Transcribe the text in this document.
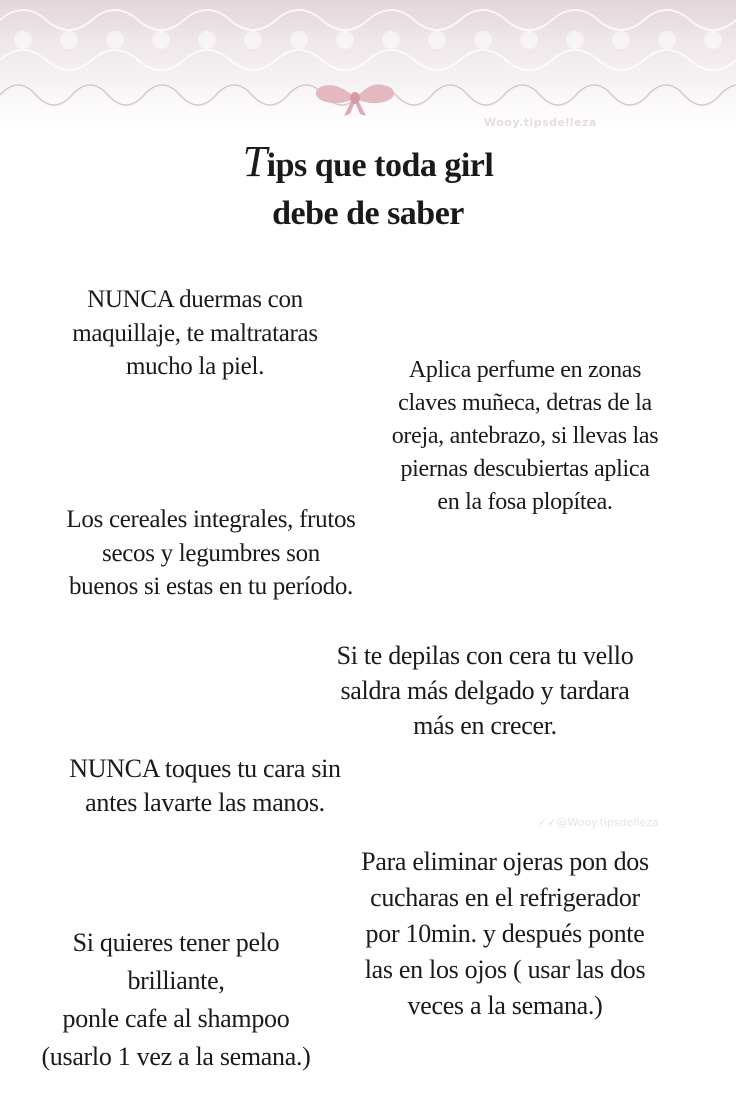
Wooy.tipsdelleza
Tips que toda girl
debe de saber
NUNCA duermas con
maquillaje, te maltrataras
mucho la piel.	Aplica perfume en zonas
claves muñeca, detras de la
oreja, antebrazo, si llevas las
piernas descubiertas aplica
en la fosa plopítea.
Los cereales integrales, frutos
secos y legumbres son
buenos si estas en tu período.
Si te depilas con cera tu vello
saldra más delgado y tardara
más en crecer.
NUNCA toques tu cara sin
antes lavarte las manos.
✓✓@Wooy.tipsdelleza
Para eliminar ojeras pon dos
cucharas en el refrigerador
por 10min. y después ponte
las en los ojos ( usar las dos
veces a la semana.)
Si quieres tener pelo
brilliante,
ponle cafe al shampoo
(usarlo 1 vez a la semana.)
